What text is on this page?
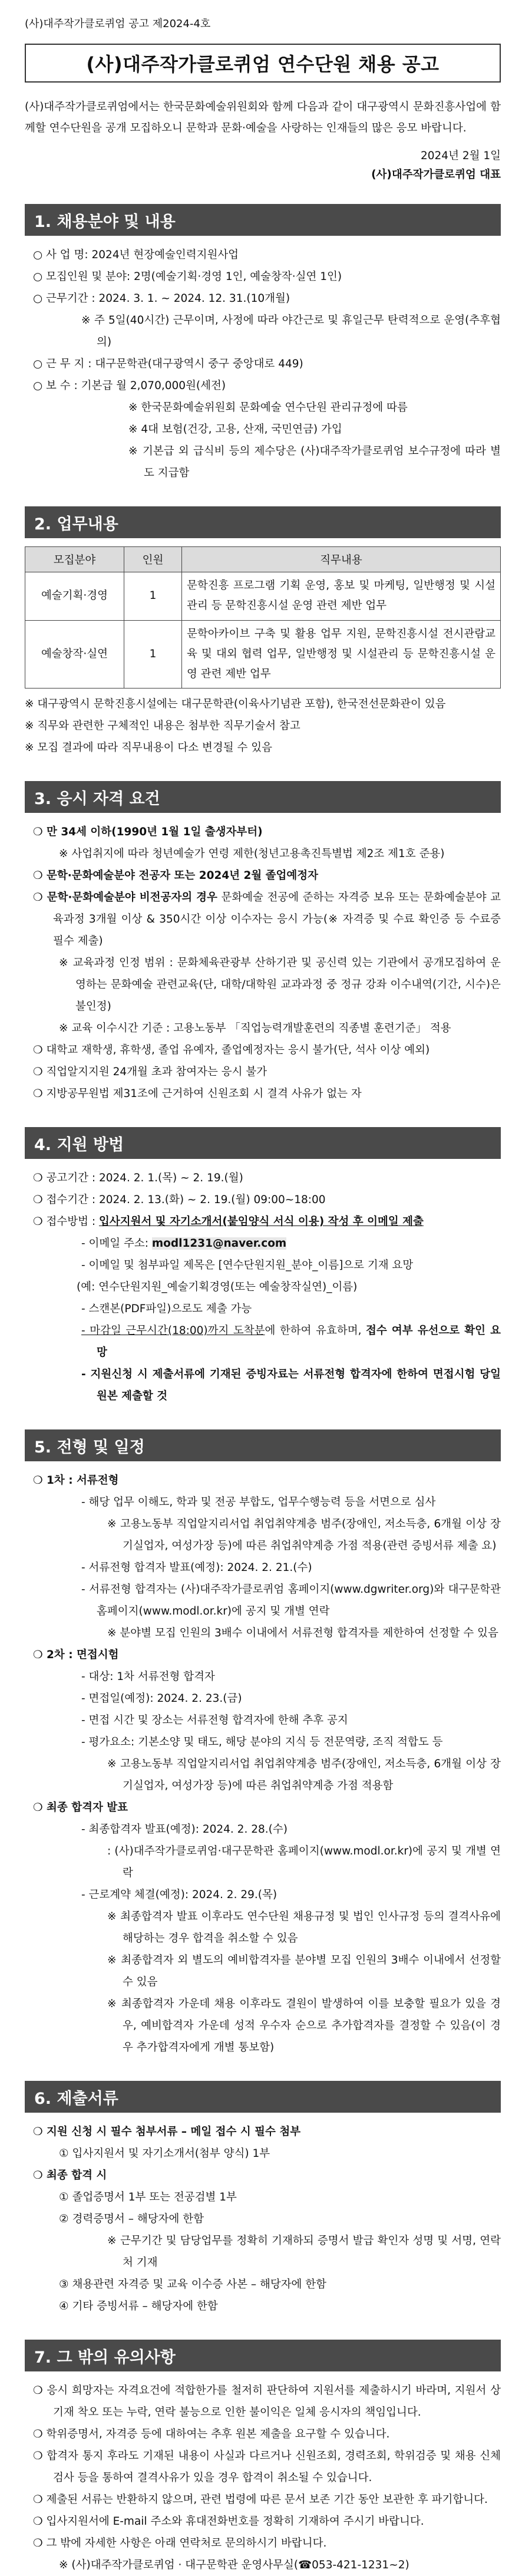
(사)대주작가클로퀴엄 공고 제2024-4호
(사)대주작가클로퀴엄 연수단원 채용 공고
(사)대주작가클로퀴엄에서는 한국문화예술위원회와 함께 다음과 같이 대구광역시 문화진흥사업에 함께할 연수단원을 공개 모집하오니 문학과 문화·예술을 사랑하는 인재들의 많은 응모 바랍니다.
2024년 2월 1일
(사)대주작가클로퀴엄 대표
1. 채용분야 및 내용
○ 사 업 명: 2024년 현장예술인력지원사업
○ 모집인원 및 분야: 2명(예술기획·경영 1인, 예술창작·실연 1인)
○ 근무기간 : 2024. 3. 1. ~ 2024. 12. 31.(10개월)
※ 주 5일(40시간) 근무이며, 사정에 따라 야간근로 및 휴일근무 탄력적으로 운영(추후협의)
○ 근 무 지 : 대구문학관(대구광역시 중구 중앙대로 449)
○ 보 수 : 기본급 월 2,070,000원(세전)
※ 한국문화예술위원회 문화예술 연수단원 관리규정에 따름
※ 4대 보험(건강, 고용, 산재, 국민연금) 가입
※ 기본급 외 급식비 등의 제수당은 (사)대주작가클로퀴엄 보수규정에 따라 별도 지급함
2. 업무내용
모집분야	인원	직무내용
예술기획·경영	1	문학진흥 프로그램 기획 운영, 홍보 및 마케팅, 일반행정 및 시설관리 등 문학진흥시설 운영 관련 제반 업무
예술창작·실연	1	문학아카이브 구축 및 활용 업무 지원, 문학진흥시설 전시관람교육 및 대외 협력 업무, 일반행정 및 시설관리 등 문학진흥시설 운영 관련 제반 업무
※ 대구광역시 문학진흥시설에는 대구문학관(이육사기념관 포함), 한국전선문화관이 있음
※ 직무와 관련한 구체적인 내용은 첨부한 직무기술서 참고
※ 모집 결과에 따라 직무내용이 다소 변경될 수 있음
3. 응시 자격 요건
❍ 만 34세 이하(1990년 1월 1일 출생자부터)
※ 사업취지에 따라 청년예술가 연령 제한(청년고용촉진특별법 제2조 제1호 준용)
❍ 문학·문화예술분야 전공자 또는 2024년 2월 졸업예정자
❍ 문학·문화예술분야 비전공자의 경우 문화예술 전공에 준하는 자격증 보유 또는 문화예술분야 교육과정 3개월 이상 & 350시간 이상 이수자는 응시 가능(※ 자격증 및 수료 확인증 등 수료증 필수 제출)
※ 교육과정 인정 범위 : 문화체육관광부 산하기관 및 공신력 있는 기관에서 공개모집하여 운영하는 문화예술 관련교육(단, 대학/대학원 교과과정 중 정규 강좌 이수내역(기간, 시수)은 불인정)
※ 교육 이수시간 기준 : 고용노동부 「직업능력개발훈련의 직종별 훈련기준」 적용
❍ 대학교 재학생, 휴학생, 졸업 유예자, 졸업예정자는 응시 불가(단, 석사 이상 예외)
❍ 직업알지지원 24개월 초과 참여자는 응시 불가
❍ 지방공무원법 제31조에 근거하여 신원조회 시 결격 사유가 없는 자
4. 지원 방법
❍ 공고기간 : 2024. 2. 1.(목) ~ 2. 19.(월)
❍ 접수기간 : 2024. 2. 13.(화) ~ 2. 19.(월) 09:00~18:00
❍ 접수방법 : 입사지원서 및 자기소개서(붙임양식 서식 이용) 작성 후 이메일 제출
- 이메일 주소: modl1231@naver.com
- 이메일 및 첨부파일 제목은 [연수단원지원_분야_이름]으로 기재 요망
(예: 연수단원지원_예술기획경영(또는 예술창작실연)_이름)
- 스캔본(PDF파일)으로도 제출 가능
- 마감일 근무시간(18:00)까지 도착분에 한하여 유효하며, 접수 여부 유선으로 확인 요망
- 지원신청 시 제출서류에 기재된 증빙자료는 서류전형 합격자에 한하여 면접시험 당일 원본 제출할 것
5. 전형 및 일정
❍ 1차 : 서류전형
- 해당 업무 이해도, 학과 및 전공 부합도, 업무수행능력 등을 서면으로 심사
※ 고용노동부 직업알지리서업 취업취약계층 범주(장애인, 저소득층, 6개월 이상 장기실업자, 여성가장 등)에 따른 취업취약계층 가점 적용(관련 증빙서류 제출 요)
- 서류전형 합격자 발표(예정): 2024. 2. 21.(수)
- 서류전형 합격자는 (사)대주작가클로퀴엄 홈페이지(www.dgwriter.org)와 대구문학관 홈페이지(www.modl.or.kr)에 공지 및 개별 연락
※ 분야별 모집 인원의 3배수 이내에서 서류전형 합격자를 제한하여 선정할 수 있음
❍ 2차 : 면접시험
- 대상: 1차 서류전형 합격자
- 면접일(예정): 2024. 2. 23.(금)
- 면접 시간 및 장소는 서류전형 합격자에 한해 추후 공지
- 평가요소: 기본소양 및 태도, 해당 분야의 지식 등 전문역량, 조직 적합도 등
※ 고용노동부 직업알지리서업 취업취약계층 범주(장애인, 저소득층, 6개월 이상 장기실업자, 여성가장 등)에 따른 취업취약계층 가점 적용함
❍ 최종 합격자 발표
- 최종합격자 발표(예정): 2024. 2. 28.(수)
: (사)대주작가클로퀴엄·대구문학관 홈페이지(www.modl.or.kr)에 공지 및 개별 연락
- 근로계약 체결(예정): 2024. 2. 29.(목)
※ 최종합격자 발표 이후라도 연수단원 채용규정 및 법인 인사규정 등의 결격사유에 해당하는 경우 합격을 취소할 수 있음
※ 최종합격자 외 별도의 예비합격자를 분야별 모집 인원의 3배수 이내에서 선정할 수 있음
※ 최종합격자 가운데 채용 이후라도 결원이 발생하여 이를 보충할 필요가 있을 경우, 예비합격자 가운데 성적 우수자 순으로 추가합격자를 결정할 수 있음(이 경우 추가합격자에게 개별 통보함)
6. 제출서류
❍ 지원 신청 시 필수 첨부서류 – 메일 접수 시 필수 첨부
① 입사지원서 및 자기소개서(첨부 양식) 1부
❍ 최종 합격 시
① 졸업증명서 1부 또는 전공검별 1부
② 경력증명서 – 해당자에 한함
※ 근무기간 및 담당업무를 정확히 기재하되 증명서 발급 확인자 성명 및 서명, 연락처 기재
③ 채용관련 자격증 및 교육 이수증 사본 – 해당자에 한함
④ 기타 증빙서류 – 해당자에 한함
7. 그 밖의 유의사항
❍ 응시 희망자는 자격요건에 적합한가를 철저히 판단하여 지원서를 제출하시기 바라며, 지원서 상 기재 착오 또는 누락, 연락 불능으로 인한 불이익은 일체 응시자의 책임입니다.
❍ 학위증명서, 자격증 등에 대하여는 추후 원본 제출을 요구할 수 있습니다.
❍ 합격자 통지 후라도 기재된 내용이 사실과 다르거나 신원조회, 경력조회, 학위검증 및 채용 신체검사 등을 통하여 결격사유가 있을 경우 합격이 취소될 수 있습니다.
❍ 제출된 서류는 반환하지 않으며, 관련 법령에 따른 문서 보존 기간 동안 보관한 후 파기합니다.
❍ 입사지원서에 E-mail 주소와 휴대전화번호를 정확히 기재하여 주시기 바랍니다.
❍ 그 밖에 자세한 사항은 아래 연락처로 문의하시기 바랍니다.
※ (사)대주작가클로퀴엄 · 대구문학관 운영사무실(☎053-421-1231~2)
